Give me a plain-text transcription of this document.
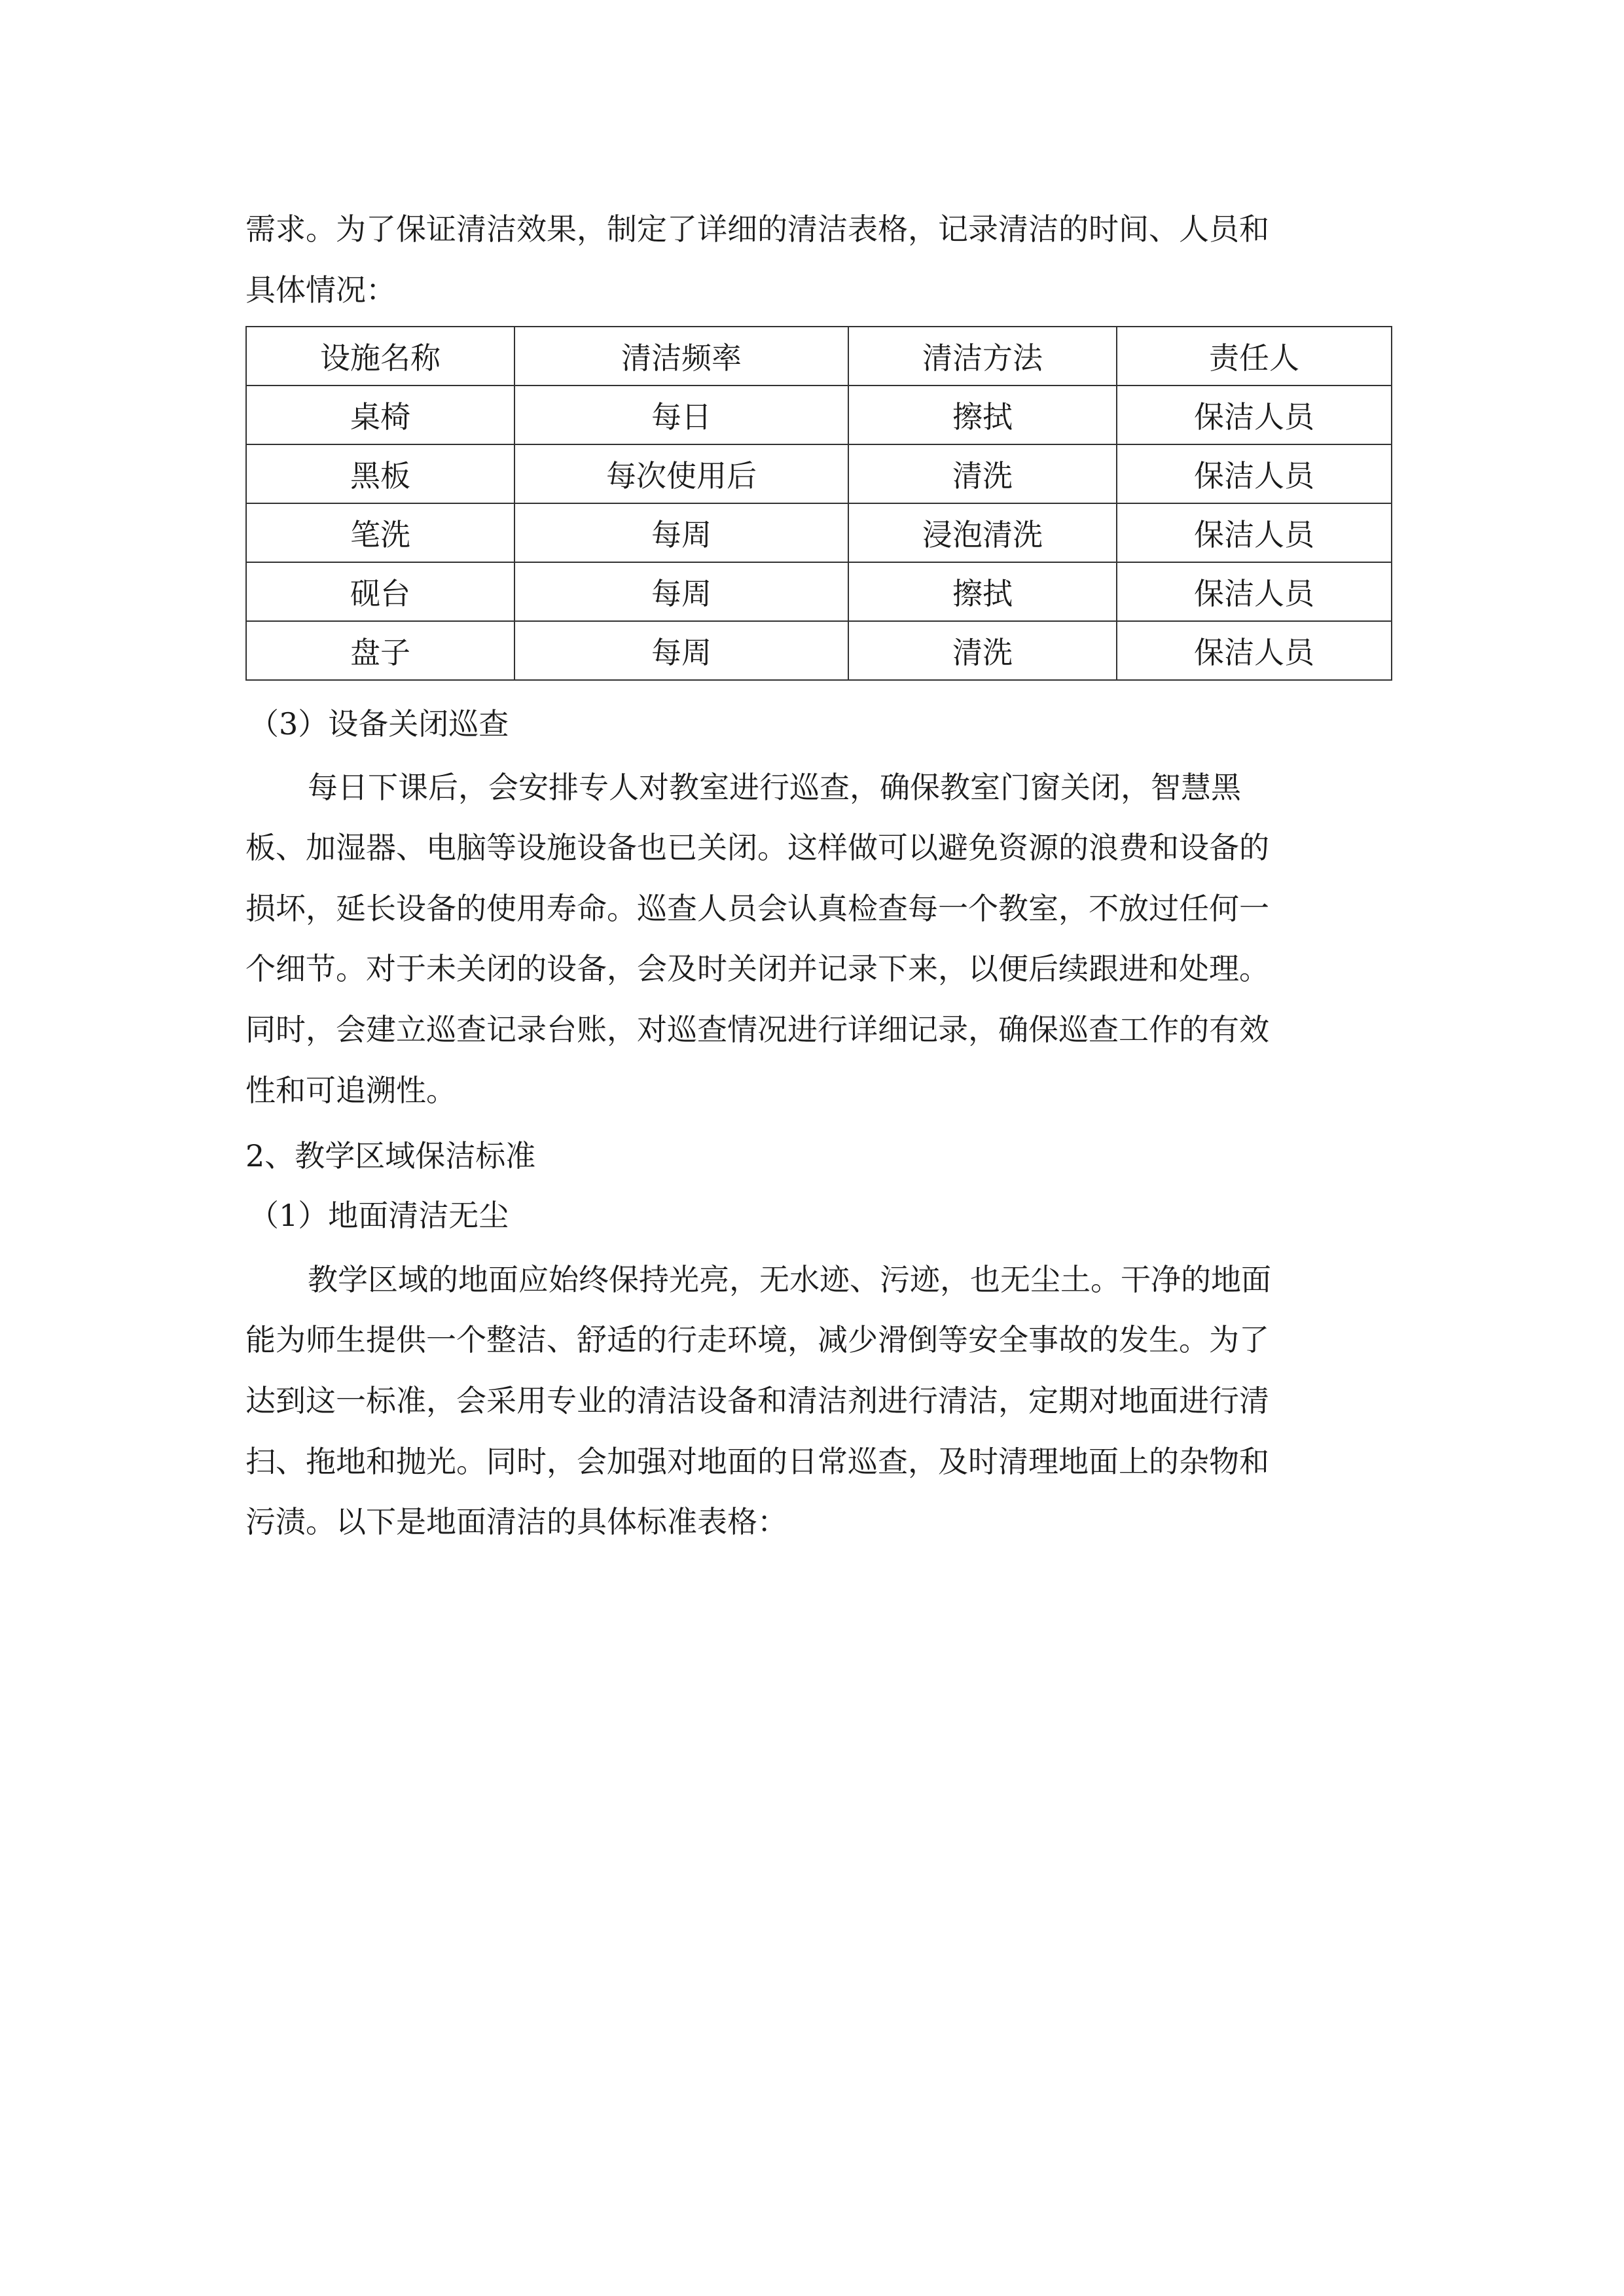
需求。为了保证清洁效果，制定了详细的清洁表格，记录清洁的时间、人员和
具体情况：
设施名称	清洁频率	清洁方法	责任人
桌椅	每日	擦拭	保洁人员
黑板	每次使用后	清洗	保洁人员
笔洗	每周	浸泡清洗	保洁人员
砚台	每周	擦拭	保洁人员
盘子	每周	清洗	保洁人员
（3）设备关闭巡查
每日下课后，会安排专人对教室进行巡查，确保教室门窗关闭，智慧黑
板、加湿器、电脑等设施设备也已关闭。这样做可以避免资源的浪费和设备的
损坏，延长设备的使用寿命。巡查人员会认真检查每一个教室，不放过任何一
个细节。对于未关闭的设备，会及时关闭并记录下来，以便后续跟进和处理。
同时，会建立巡查记录台账，对巡查情况进行详细记录，确保巡查工作的有效
性和可追溯性。
2、教学区域保洁标准
（1）地面清洁无尘
教学区域的地面应始终保持光亮，无水迹、污迹，也无尘土。干净的地面
能为师生提供一个整洁、舒适的行走环境，减少滑倒等安全事故的发生。为了
达到这一标准，会采用专业的清洁设备和清洁剂进行清洁，定期对地面进行清
扫、拖地和抛光。同时，会加强对地面的日常巡查，及时清理地面上的杂物和
污渍。以下是地面清洁的具体标准表格：
